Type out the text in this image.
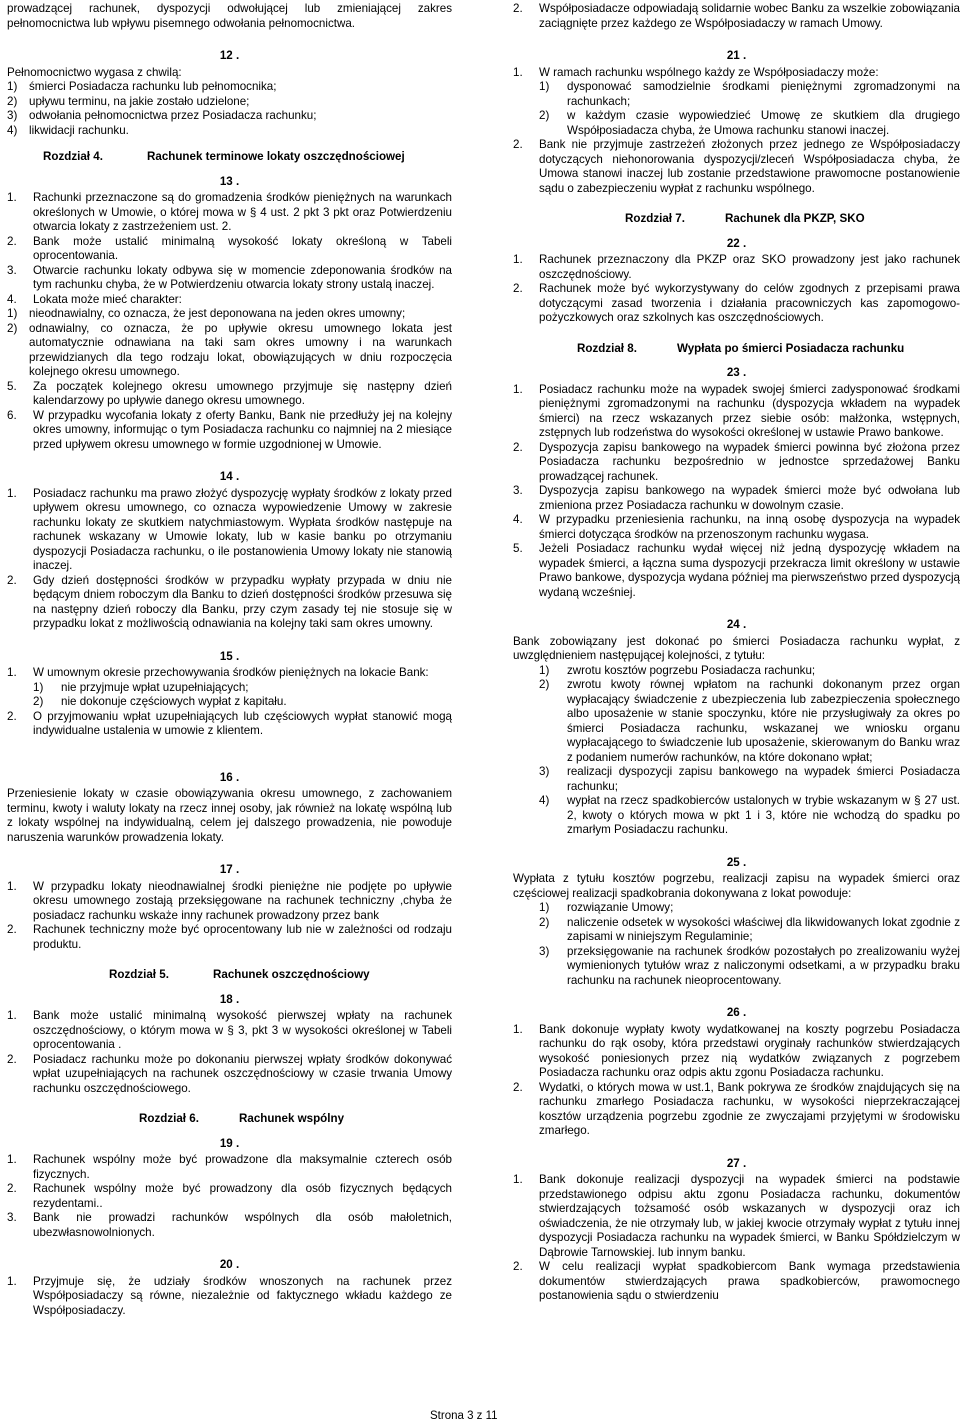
prowadzącej rachunek, dyspozycji odwołującej lub zmieniającej zakres pełnomocnictwa lub wpływu pisemnego odwołania pełnomocnictwa.

12 .

Pełnomocnictwo wygasa z chwilą:

1)	śmierci Posiadacza rachunku lub pełnomocnika;
2)	upływu terminu, na jakie zostało udzielone;
3)	odwołania pełnomocnictwa przez Posiadacza rachunku;
4)	likwidacji rachunku.
Rozdział 4.	Rachunek terminowe lokaty oszczędnościowej
13 .
1.	Rachunki przeznaczone są do gromadzenia środków pieniężnych na warunkach określonych w Umowie, o której mowa w § 4 ust. 2 pkt 3 pkt oraz Potwierdzeniu otwarcia lokaty z zastrzeżeniem ust. 2.
2.	Bank może ustalić minimalną wysokość lokaty określoną w Tabeli oprocentowania.
3.	Otwarcie rachunku lokaty odbywa się w momencie zdeponowania środków na tym rachunku chyba, że w Potwierdzeniu otwarcia lokaty strony ustalą inaczej.
4.	Lokata może mieć charakter:
1)	nieodnawialny, co oznacza, że jest deponowana na jeden okres umowny;
2)	odnawialny, co oznacza, że po upływie okresu umownego lokata jest automatycznie odnawiana na taki sam okres umowny i na warunkach przewidzianych dla tego rodzaju lokat, obowiązujących w dniu rozpoczęcia kolejnego okresu umownego.
5.	Za początek kolejnego okresu umownego przyjmuje się następny dzień kalendarzowy po upływie danego okresu umownego.
6.	W przypadku wycofania lokaty z oferty Banku, Bank nie przedłuży jej na kolejny okres umowny, informując o tym Posiadacza rachunku co najmniej na 2 miesiące przed upływem okresu umownego w formie uzgodnionej w Umowie.
14 .
1.	Posiadacz rachunku ma prawo złożyć dyspozycję wypłaty środków z lokaty przed upływem okresu umownego, co oznacza wypowiedzenie Umowy w zakresie rachunku lokaty ze skutkiem natychmiastowym. Wypłata środków następuje na rachunek wskazany w Umowie lokaty, lub w kasie banku po otrzymaniu dyspozycji Posiadacza rachunku, o ile postanowienia Umowy lokaty nie stanowią inaczej.
2.	Gdy dzień dostępności środków w przypadku wypłaty przypada w dniu nie będącym dniem roboczym dla Banku to dzień dostępności środków przesuwa się na następny dzień roboczy dla Banku, przy czym zasady tej nie stosuje się w przypadku lokat z możliwością odnawiania na kolejny taki sam okres umowny.
15 .
1.	W umownym okresie przechowywania środków pieniężnych na lokacie Bank:
1)	nie przyjmuje wpłat uzupełniających;
2)	nie dokonuje częściowych wypłat z kapitału.
2.	O przyjmowaniu wpłat uzupełniających lub częściowych wypłat stanowić mogą indywidualne ustalenia w umowie z klientem.
16 .

Przeniesienie lokaty w czasie obowiązywania okresu umownego, z zachowaniem terminu, kwoty i waluty lokaty na rzecz innej osoby, jak również na lokatę wspólną lub z lokaty wspólnej na indywidualną, celem jej dalszego prowadzenia, nie powoduje naruszenia warunków prowadzenia lokaty.

17 .
1.	W przypadku lokaty nieodnawialnej środki pieniężne nie podjęte po upływie okresu umownego zostają przeksięgowane na rachunek techniczny ,chyba że posiadacz rachunku wskaże inny rachunek prowadzony przez bank
2.	Rachunek techniczny może być oprocentowany lub nie w zależności od rodzaju produktu.
Rozdział 5.	Rachunek oszczędnościowy
18 .
1.	Bank może ustalić minimalną wysokość pierwszej wpłaty na rachunek oszczędnościowy, o którym mowa w § 3, pkt 3 w wysokości określonej w Tabeli oprocentowania .
2.	Posiadacz rachunku może po dokonaniu pierwszej wpłaty środków dokonywać wpłat uzupełniających na rachunek oszczędnościowy w czasie trwania Umowy rachunku oszczędnościowego.
Rozdział 6.	Rachunek wspólny
19 .
1.	Rachunek wspólny może być prowadzone dla maksymalnie czterech osób fizycznych.
2.	Rachunek wspólny może być prowadzony dla osób fizycznych będących rezydentami..
3.	Bank nie prowadzi rachunków wspólnych dla osób małoletnich, ubezwłasnowolnionych.
20 .
1.	Przyjmuje się, że udziały środków wnoszonych na rachunek przez Współposiadaczy są równe, niezależnie od faktycznego wkładu każdego ze Współposiadaczy.
2.	Współposiadacze odpowiadają solidarnie wobec Banku za wszelkie zobowiązania zaciągnięte przez każdego ze Współposiadaczy w ramach Umowy.
21 .
1.	W ramach rachunku wspólnego każdy ze Współposiadaczy może:
1)	dysponować samodzielnie środkami pieniężnymi zgromadzonymi na rachunkach;
2)	w każdym czasie wypowiedzieć Umowę ze skutkiem dla drugiego Współposiadacza chyba, że Umowa rachunku stanowi inaczej.
2.	Bank nie przyjmuje zastrzeżeń złożonych przez jednego ze Współposiadaczy dotyczących niehonorowania dyspozycji/zleceń Współposiadacza chyba, że Umowa stanowi inaczej lub zostanie przedstawione prawomocne postanowienie sądu o zabezpieczeniu wypłat z rachunku wspólnego.
Rozdział 7.	Rachunek dla PKZP, SKO
22 .
1.	Rachunek przeznaczony dla PKZP oraz SKO prowadzony jest jako rachunek oszczędnościowy.
2.	Rachunek może być wykorzystywany do celów zgodnych z przepisami prawa dotyczącymi zasad tworzenia i działania pracowniczych kas zapomogowo-pożyczkowych oraz szkolnych kas oszczędnościowych.
Rozdział 8.	Wypłata po śmierci Posiadacza rachunku
23 .
1.	Posiadacz rachunku może na wypadek swojej śmierci zadysponować środkami pieniężnymi zgromadzonymi na rachunku (dyspozycja wkładem na wypadek śmierci) na rzecz wskazanych przez siebie osób: małżonka, wstępnych, zstępnych lub rodzeństwa do wysokości określonej w ustawie Prawo bankowe.
2.	Dyspozycja zapisu bankowego na wypadek śmierci powinna być złożona przez Posiadacza rachunku bezpośrednio w jednostce sprzedażowej Banku prowadzącej rachunek.
3.	Dyspozycja zapisu bankowego na wypadek śmierci może być odwołana lub zmieniona przez Posiadacza rachunku w dowolnym czasie.
4.	W przypadku przeniesienia rachunku, na inną osobę dyspozycja na wypadek śmierci dotycząca środków na przenoszonym rachunku wygasa.
5.	Jeżeli Posiadacz rachunku wydał więcej niż jedną dyspozycję wkładem na wypadek śmierci, a łączna suma dyspozycji przekracza limit określony w ustawie Prawo bankowe, dyspozycja wydana później ma pierwszeństwo przed dyspozycją wydaną wcześniej.
24 .

Bank zobowiązany jest dokonać po śmierci Posiadacza rachunku wypłat, z uwzględnieniem następującej kolejności, z tytułu:

1)	zwrotu kosztów pogrzebu Posiadacza rachunku;
2)	zwrotu kwoty równej wpłatom na rachunki dokonanym przez organ wypłacający świadczenie z ubezpieczenia lub zabezpieczenia społecznego albo uposażenie w stanie spoczynku, które nie przysługiwały za okres po śmierci Posiadacza rachunku, wskazanej we wniosku organu wypłacającego to świadczenie lub uposażenie, skierowanym do Banku wraz z podaniem numerów rachunków, na które dokonano wpłat;
3)	realizacji dyspozycji zapisu bankowego na wypadek śmierci Posiadacza rachunku;
4)	wypłat na rzecz spadkobierców ustalonych w trybie wskazanym w § 27 ust. 2, kwoty o których mowa w pkt 1 i 3, które nie wchodzą do spadku po zmarłym Posiadaczu rachunku.
25 .

Wypłata z tytułu kosztów pogrzebu, realizacji zapisu na wypadek śmierci oraz częściowej realizacji spadkobrania dokonywana z lokat powoduje:

1)	rozwiązanie Umowy;
2)	naliczenie odsetek w wysokości właściwej dla likwidowanych lokat zgodnie z zapisami w niniejszym Regulaminie;
3)	przeksięgowanie na rachunek środków pozostałych po zrealizowaniu wyżej wymienionych tytułów wraz z naliczonymi odsetkami, a w przypadku braku rachunku na rachunek nieoprocentowany.
26 .
1.	Bank dokonuje wypłaty kwoty wydatkowanej na koszty pogrzebu Posiadacza rachunku do rąk osoby, która przedstawi oryginały rachunków stwierdzających wysokość poniesionych przez nią wydatków związanych z pogrzebem Posiadacza rachunku oraz odpis aktu zgonu Posiadacza rachunku.
2.	Wydatki, o których mowa w ust.1, Bank pokrywa ze środków znajdujących się na rachunku zmarłego Posiadacza rachunku, w wysokości nieprzekraczającej kosztów urządzenia pogrzebu zgodnie ze zwyczajami przyjętymi w środowisku zmarłego.
27 .
1.	Bank dokonuje realizacji dyspozycji na wypadek śmierci na podstawie przedstawionego odpisu aktu zgonu Posiadacza rachunku, dokumentów stwierdzających tożsamość osób wskazanych w dyspozycji oraz ich oświadczenia, że nie otrzymały lub, w jakiej kwocie otrzymały wypłat z tytułu innej dyspozycji Posiadacza rachunku na wypadek śmierci, w Banku Spółdzielczym w Dąbrowie Tarnowskiej. lub innym banku.
2.	W celu realizacji wypłat spadkobiercom Bank wymaga przedstawienia dokumentów stwierdzających prawa spadkobierców, prawomocnego postanowienia sądu o stwierdzeniu
Strona 3 z 11
